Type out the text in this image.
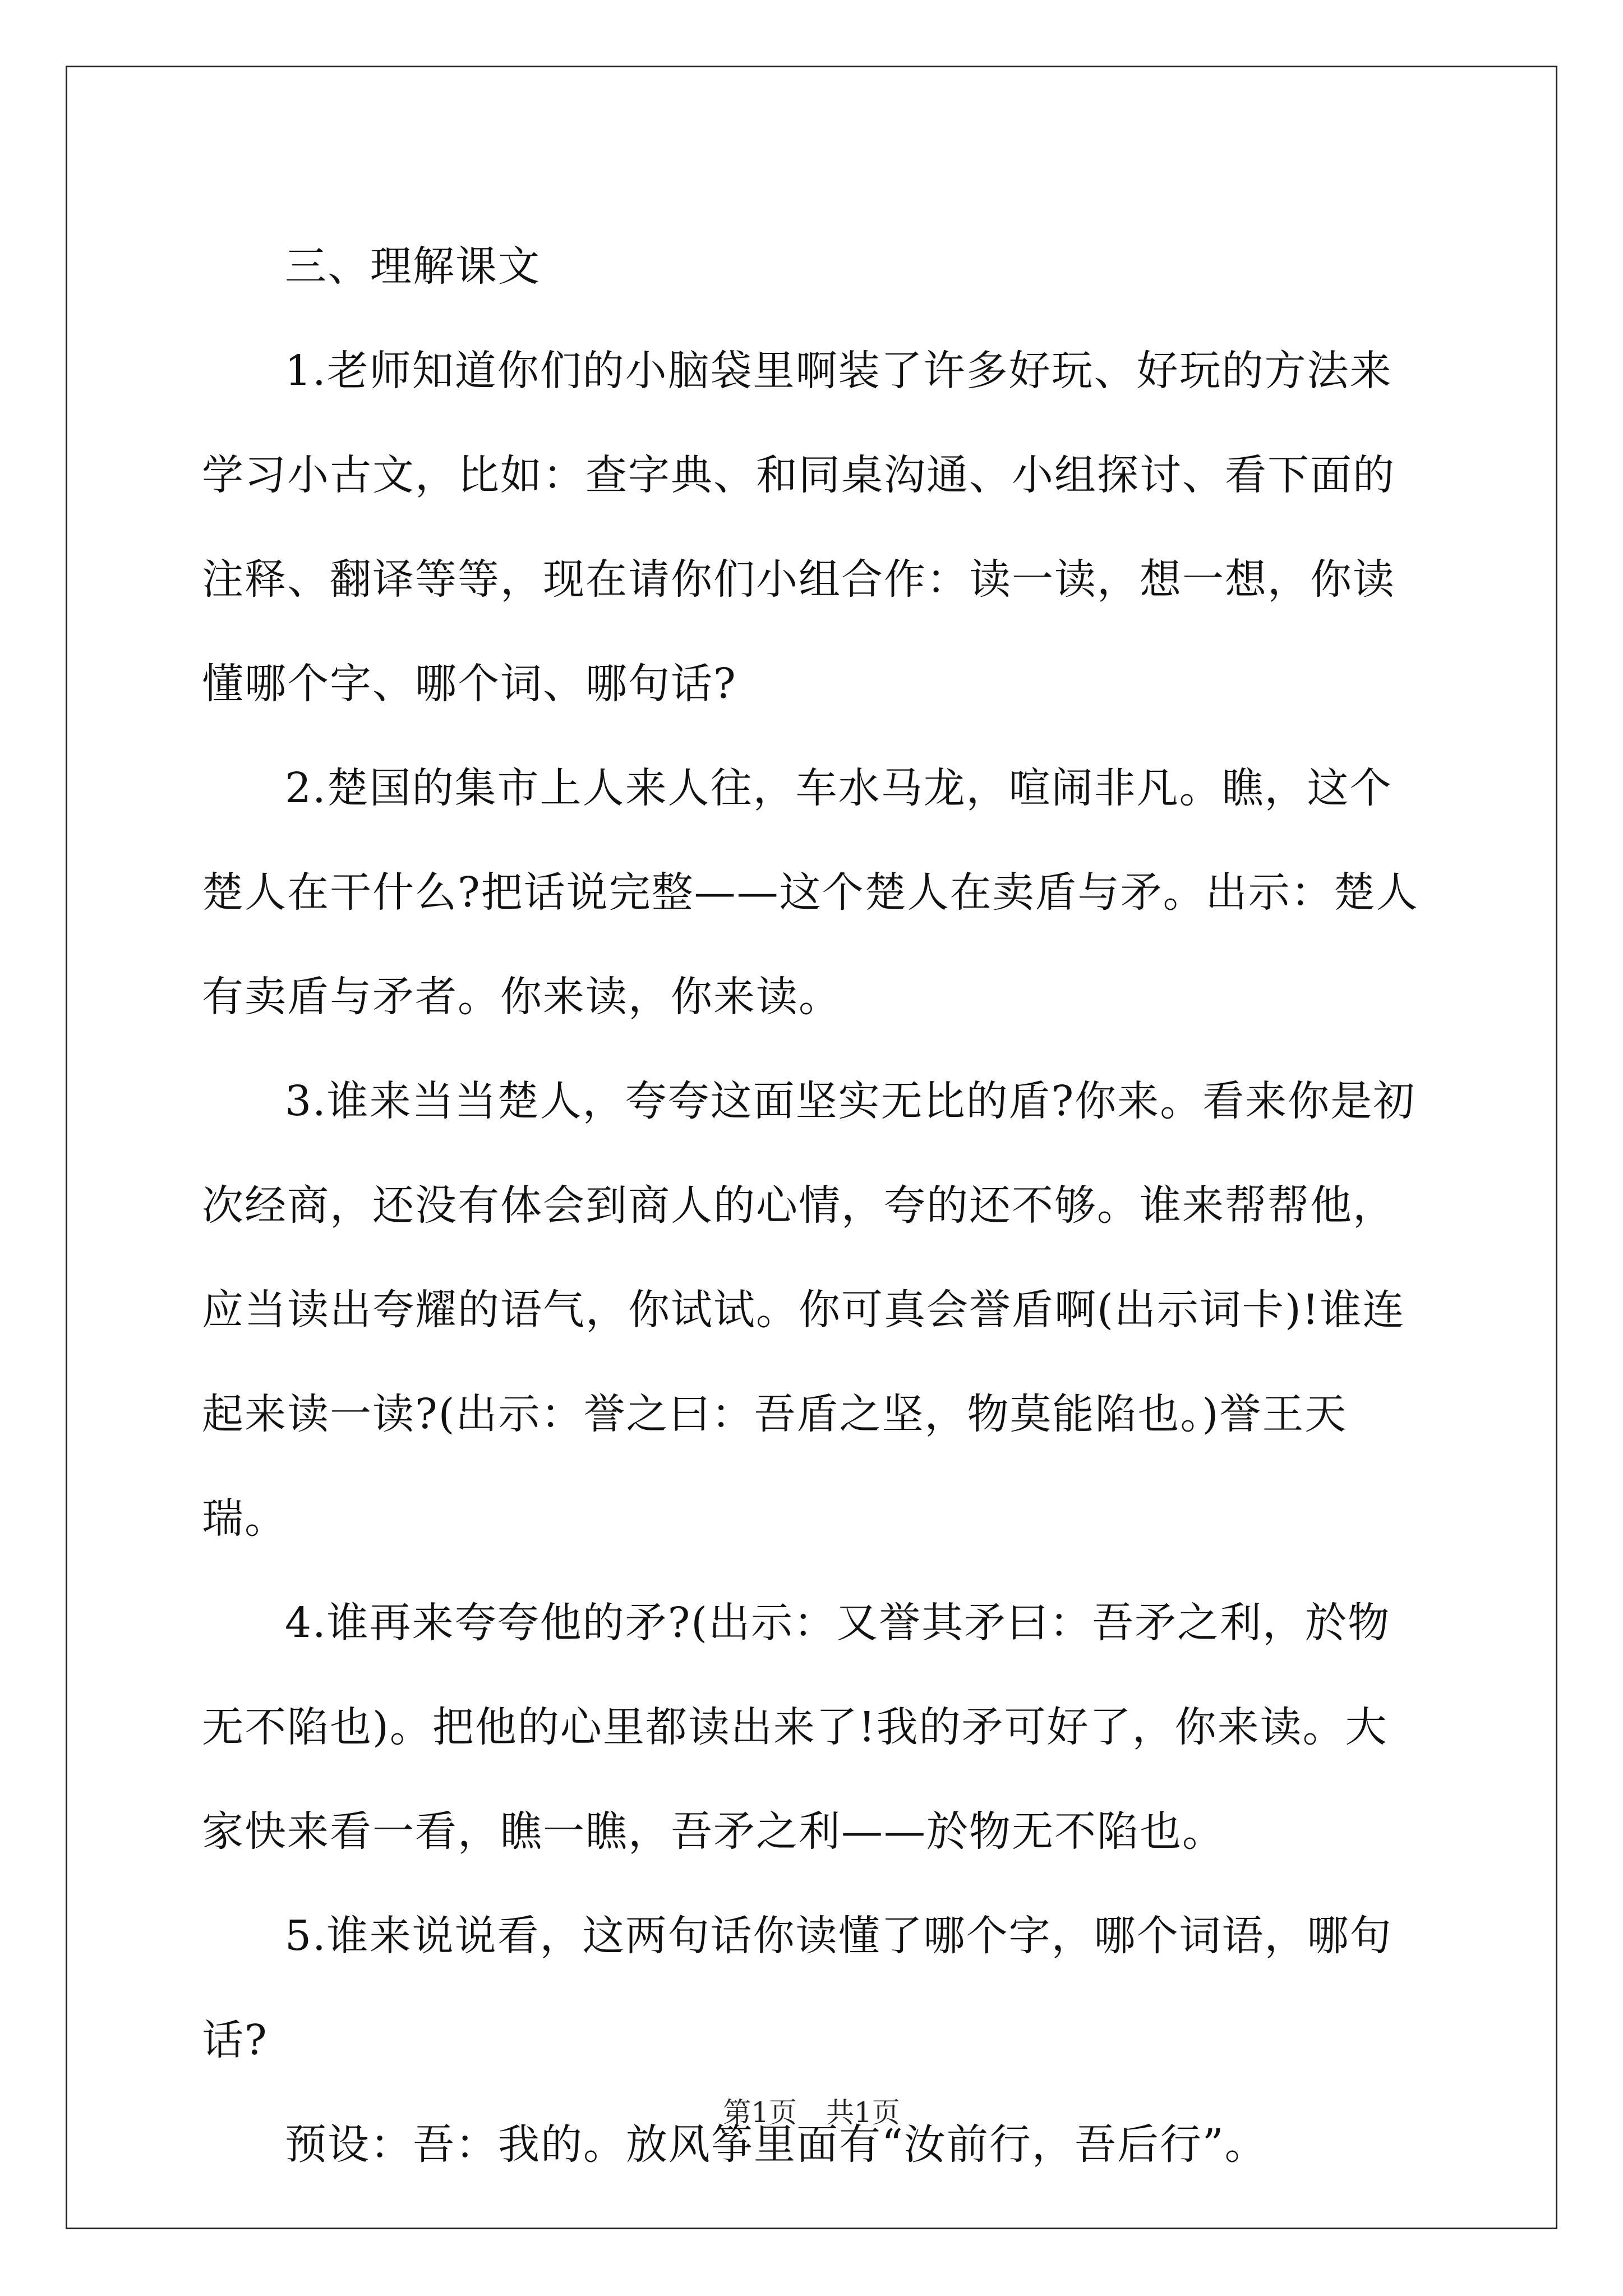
三、理解课文

1.老师知道你们的小脑袋里啊装了许多好玩、好玩的方法来学习小古文，比如：查字典、和同桌沟通、小组探讨、看下面的注释、翻译等等，现在请你们小组合作：读一读，想一想，你读懂哪个字、哪个词、哪句话?

2.楚国的集市上人来人往，车水马龙，喧闹非凡。瞧，这个楚人在干什么?把话说完整——这个楚人在卖盾与矛。出示：楚人有卖盾与矛者。你来读，你来读。

3.谁来当当楚人，夸夸这面坚实无比的盾?你来。看来你是初次经商，还没有体会到商人的心情，夸的还不够。谁来帮帮他，应当读出夸耀的语气，你试试。你可真会誉盾啊(出示词卡)!谁连起来读一读?(出示：誉之曰：吾盾之坚，物莫能陷也。)誉王天瑞。

4.谁再来夸夸他的矛?(出示：又誉其矛曰：吾矛之利，於物无不陷也)。把他的心里都读出来了!我的矛可好了，你来读。大家快来看一看，瞧一瞧，吾矛之利——於物无不陷也。

5.谁来说说看，这两句话你读懂了哪个字，哪个词语，哪句话?

预设：吾：我的。放风筝里面有“汝前行，吾后行”。

第1页 共1页
